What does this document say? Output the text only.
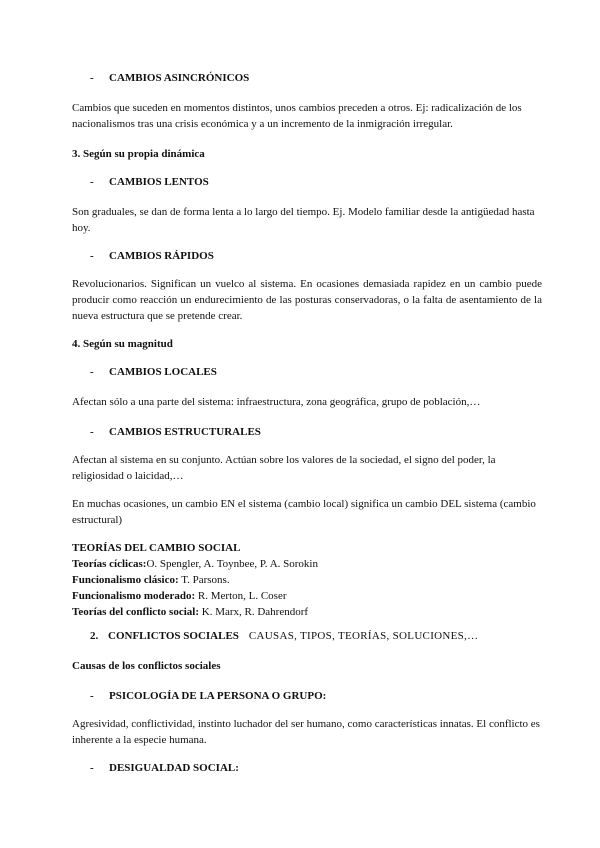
- CAMBIOS ASINCRÓNICOS

Cambios que suceden en momentos distintos, unos cambios preceden a otros. Ej: radicalización de los nacionalismos tras una crisis económica y a un incremento de la inmigración irregular.

3. Según su propia dinámica

- CAMBIOS LENTOS

Son graduales, se dan de forma lenta a lo largo del tiempo. Ej. Modelo familiar desde la antigüedad hasta hoy.

- CAMBIOS RÁPIDOS

Revolucionarios. Significan un vuelco al sistema. En ocasiones demasiada rapidez en un cambio puede producir como reacción un endurecimiento de las posturas conservadoras, o la falta de asentamiento de la nueva estructura que se pretende crear.

4. Según su magnitud

- CAMBIOS LOCALES

Afectan sólo a una parte del sistema: infraestructura, zona geográfica, grupo de población,…

- CAMBIOS ESTRUCTURALES

Afectan al sistema en su conjunto. Actúan sobre los valores de la sociedad, el signo del poder, la religiosidad o laicidad,…

En muchas ocasiones, un cambio EN el sistema (cambio local) significa un cambio DEL sistema (cambio estructural)

TEORÍAS DEL CAMBIO SOCIAL
Teorías cíclicas:O. Spengler, A. Toynbee, P. A. Sorokin
Funcionalismo clásico: T. Parsons.
Funcionalismo moderado: R. Merton, L. Coser
Teorías del conflicto social: K. Marx, R. Dahrendorf
2. CONFLICTOS SOCIALES CAUSAS, TIPOS, TEORÍAS, SOLUCIONES,…

Causas de los conflictos sociales

- PSICOLOGÍA DE LA PERSONA O GRUPO:

Agresividad, conflictividad, instinto luchador del ser humano, como características innatas. El conflicto es inherente a la especie humana.

- DESIGUALDAD SOCIAL:
